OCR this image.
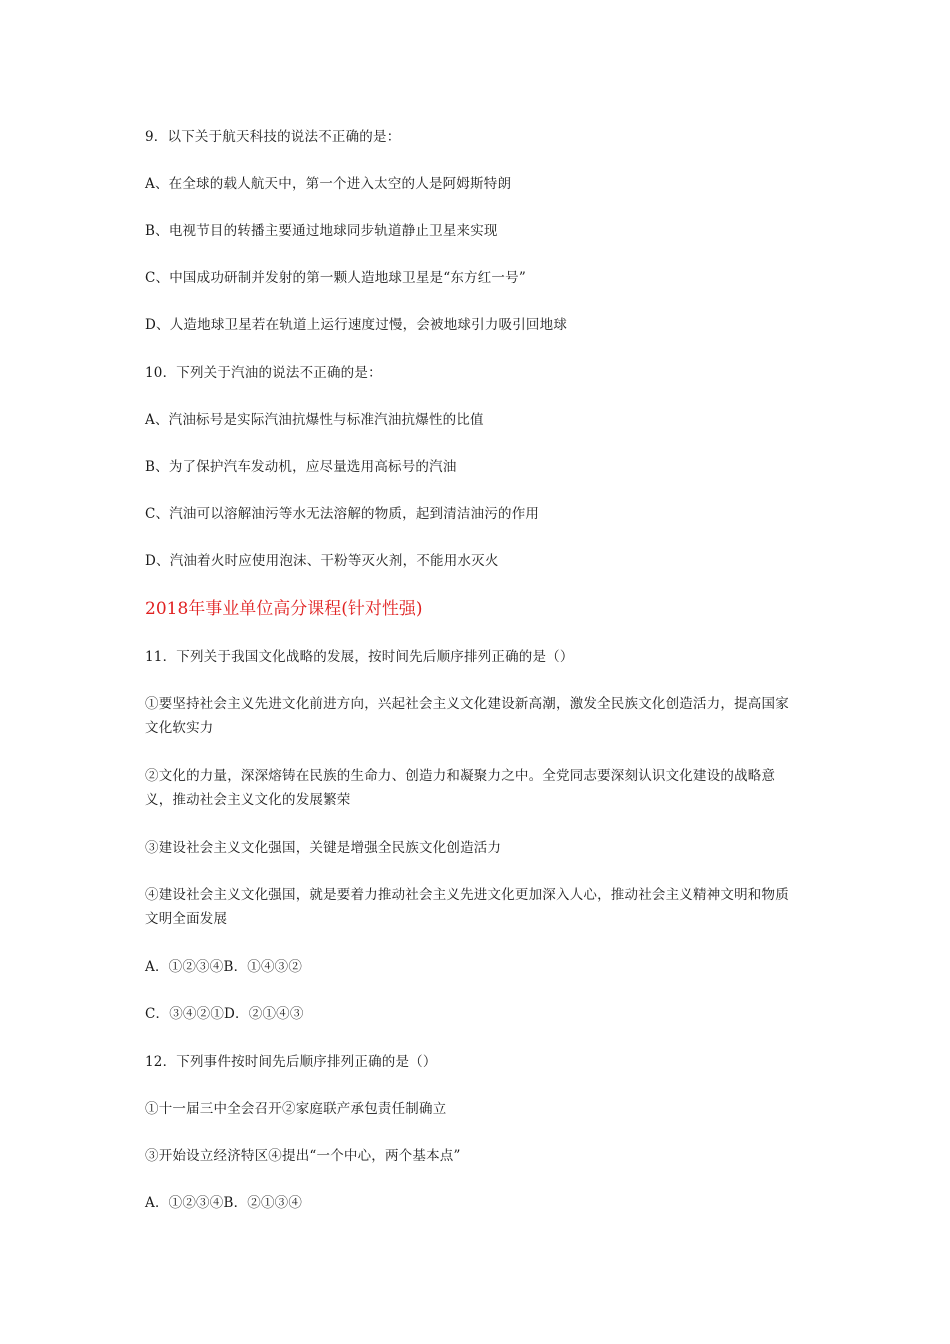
9．以下关于航天科技的说法不正确的是：
A、在全球的载人航天中，第一个进入太空的人是阿姆斯特朗
B、电视节目的转播主要通过地球同步轨道静止卫星来实现
C、中国成功研制并发射的第一颗人造地球卫星是“东方红一号”
D、人造地球卫星若在轨道上运行速度过慢，会被地球引力吸引回地球
10．下列关于汽油的说法不正确的是：
A、汽油标号是实际汽油抗爆性与标准汽油抗爆性的比值
B、为了保护汽车发动机，应尽量选用高标号的汽油
C、汽油可以溶解油污等水无法溶解的物质，起到清洁油污的作用
D、汽油着火时应使用泡沫、干粉等灭火剂，不能用水灭火
2018年事业单位高分课程(针对性强)
11．下列关于我国文化战略的发展，按时间先后顺序排列正确的是（）
①要坚持社会主义先进文化前进方向，兴起社会主义文化建设新高潮，激发全民族文化创造活力，提高国家文化软实力
②文化的力量，深深熔铸在民族的生命力、创造力和凝聚力之中。全党同志要深刻认识文化建设的战略意义，推动社会主义文化的发展繁荣
③建设社会主义文化强国，关键是增强全民族文化创造活力
④建设社会主义文化强国，就是要着力推动社会主义先进文化更加深入人心，推动社会主义精神文明和物质文明全面发展
A．①②③④B．①④③②
C．③④②①D．②①④③
12．下列事件按时间先后顺序排列正确的是（）
①十一届三中全会召开②家庭联产承包责任制确立
③开始设立经济特区④提出“一个中心，两个基本点”
A．①②③④B．②①③④
